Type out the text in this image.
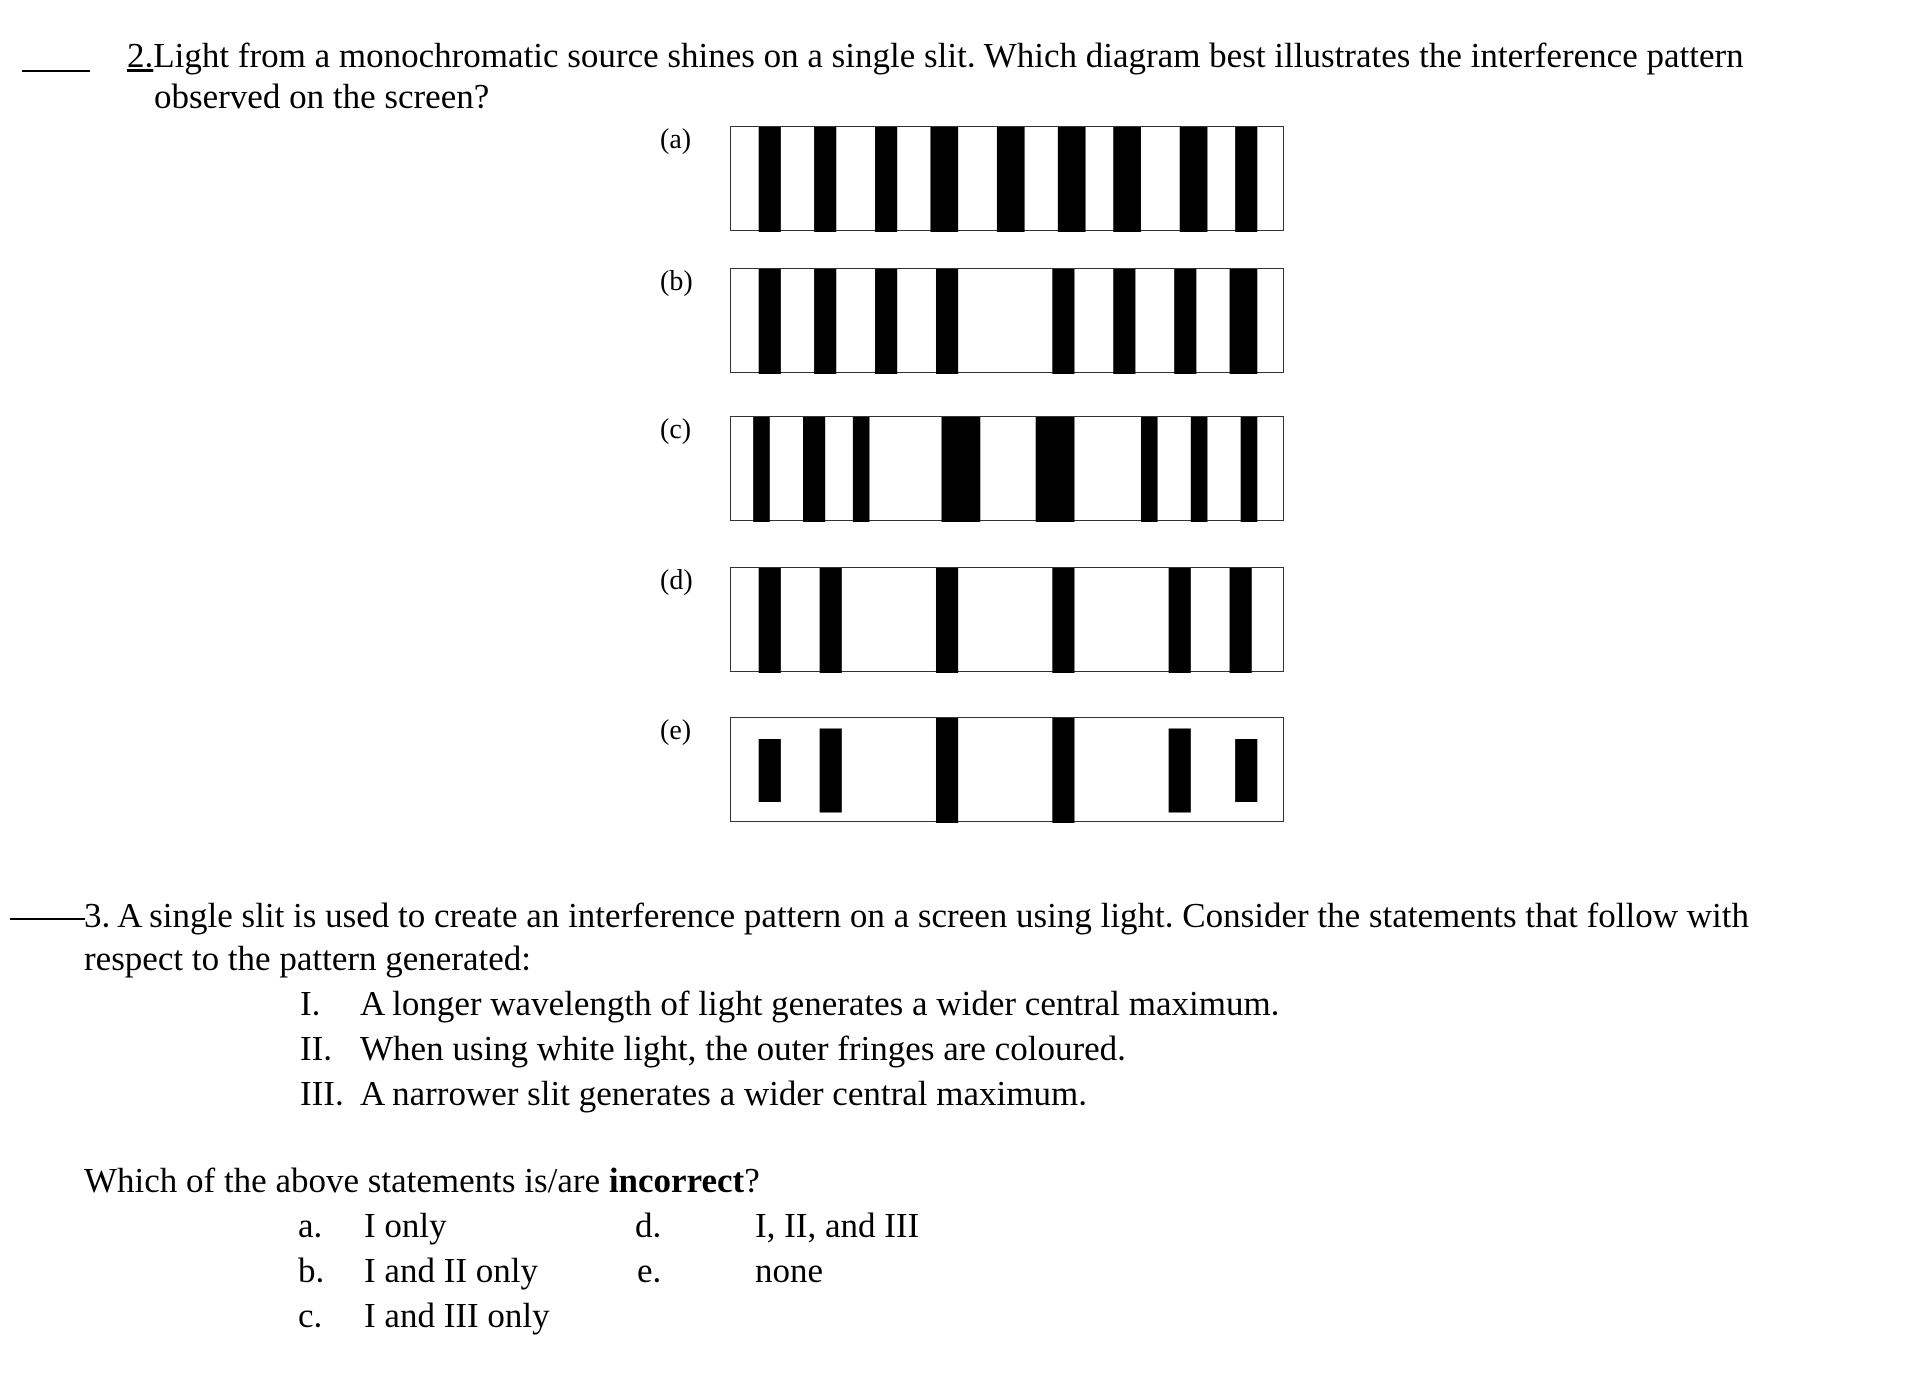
2.Light from a monochromatic source shines on a single slit. Which diagram best illustrates the interference pattern
observed on the screen?
(a)
(b)
(c)
(d)
(e)
3. A single slit is used to create an interference pattern on a screen using light. Consider the statements that follow with
respect to the pattern generated:
I. A longer wavelength of light generates a wider central maximum.
II. When using white light, the outer fringes are coloured.
III. A narrower slit generates a wider central maximum.
Which of the above statements is/are incorrect?
a. I only
b. I and II only
c. I and III only
d.	I, II, and III
e.	none
